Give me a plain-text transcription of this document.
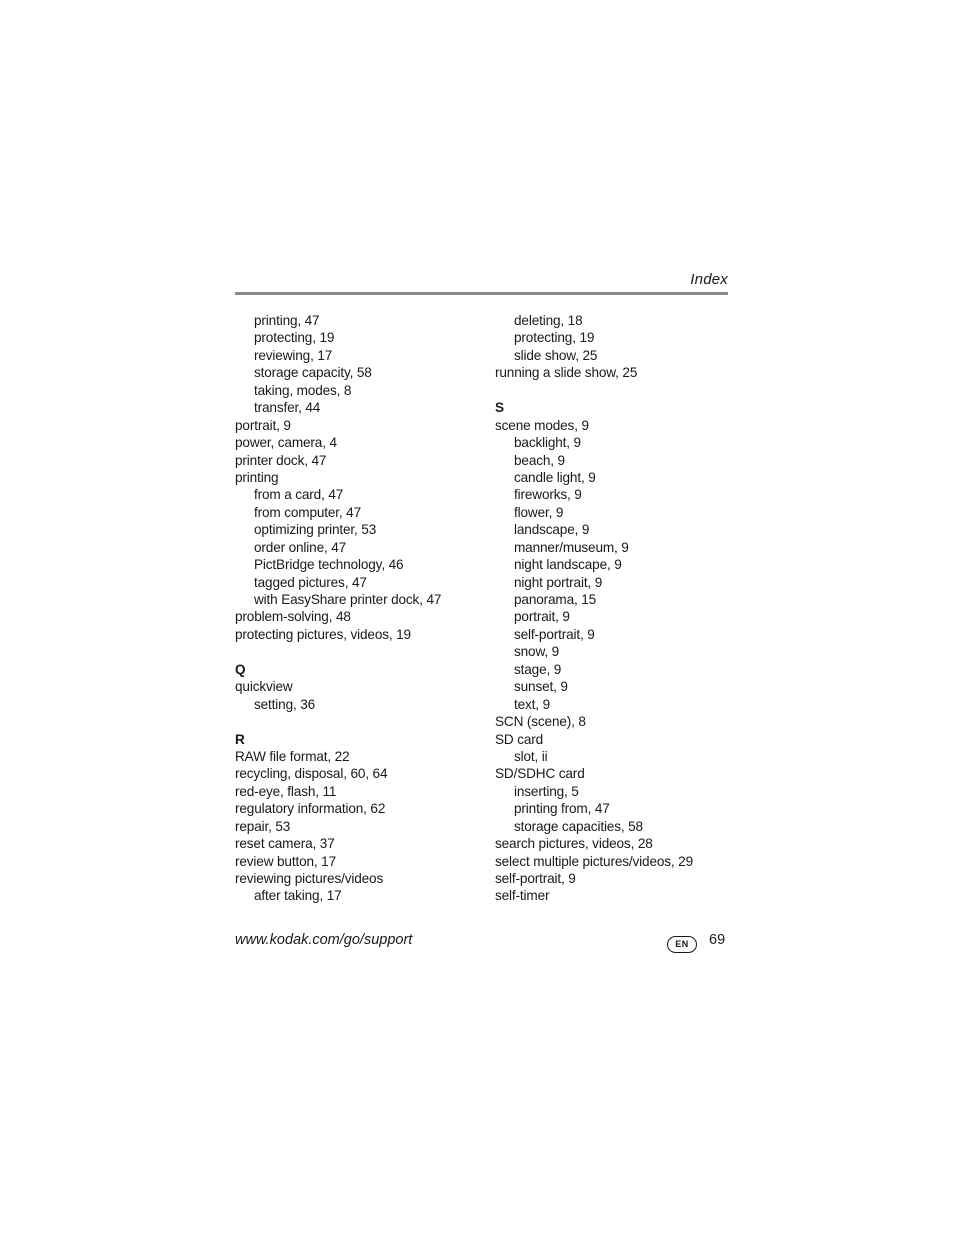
Index
printing, 47
protecting, 19
reviewing, 17
storage capacity, 58
taking, modes, 8
transfer, 44
portrait, 9
power, camera, 4
printer dock, 47
printing
from a card, 47
from computer, 47
optimizing printer, 53
order online, 47
PictBridge technology, 46
tagged pictures, 47
with EasyShare printer dock, 47
problem-solving, 48
protecting pictures, videos, 19
Q
quickview
setting, 36
R
RAW file format, 22
recycling, disposal, 60, 64
red-eye, flash, 11
regulatory information, 62
repair, 53
reset camera, 37
review button, 17
reviewing pictures/videos
after taking, 17
deleting, 18
protecting, 19
slide show, 25
running a slide show, 25
S
scene modes, 9
backlight, 9
beach, 9
candle light, 9
fireworks, 9
flower, 9
landscape, 9
manner/museum, 9
night landscape, 9
night portrait, 9
panorama, 15
portrait, 9
self-portrait, 9
snow, 9
stage, 9
sunset, 9
text, 9
SCN (scene), 8
SD card
slot, ii
SD/SDHC card
inserting, 5
printing from, 47
storage capacities, 58
search pictures, videos, 28
select multiple pictures/videos, 29
self-portrait, 9
self-timer
www.kodak.com/go/support	EN	69
